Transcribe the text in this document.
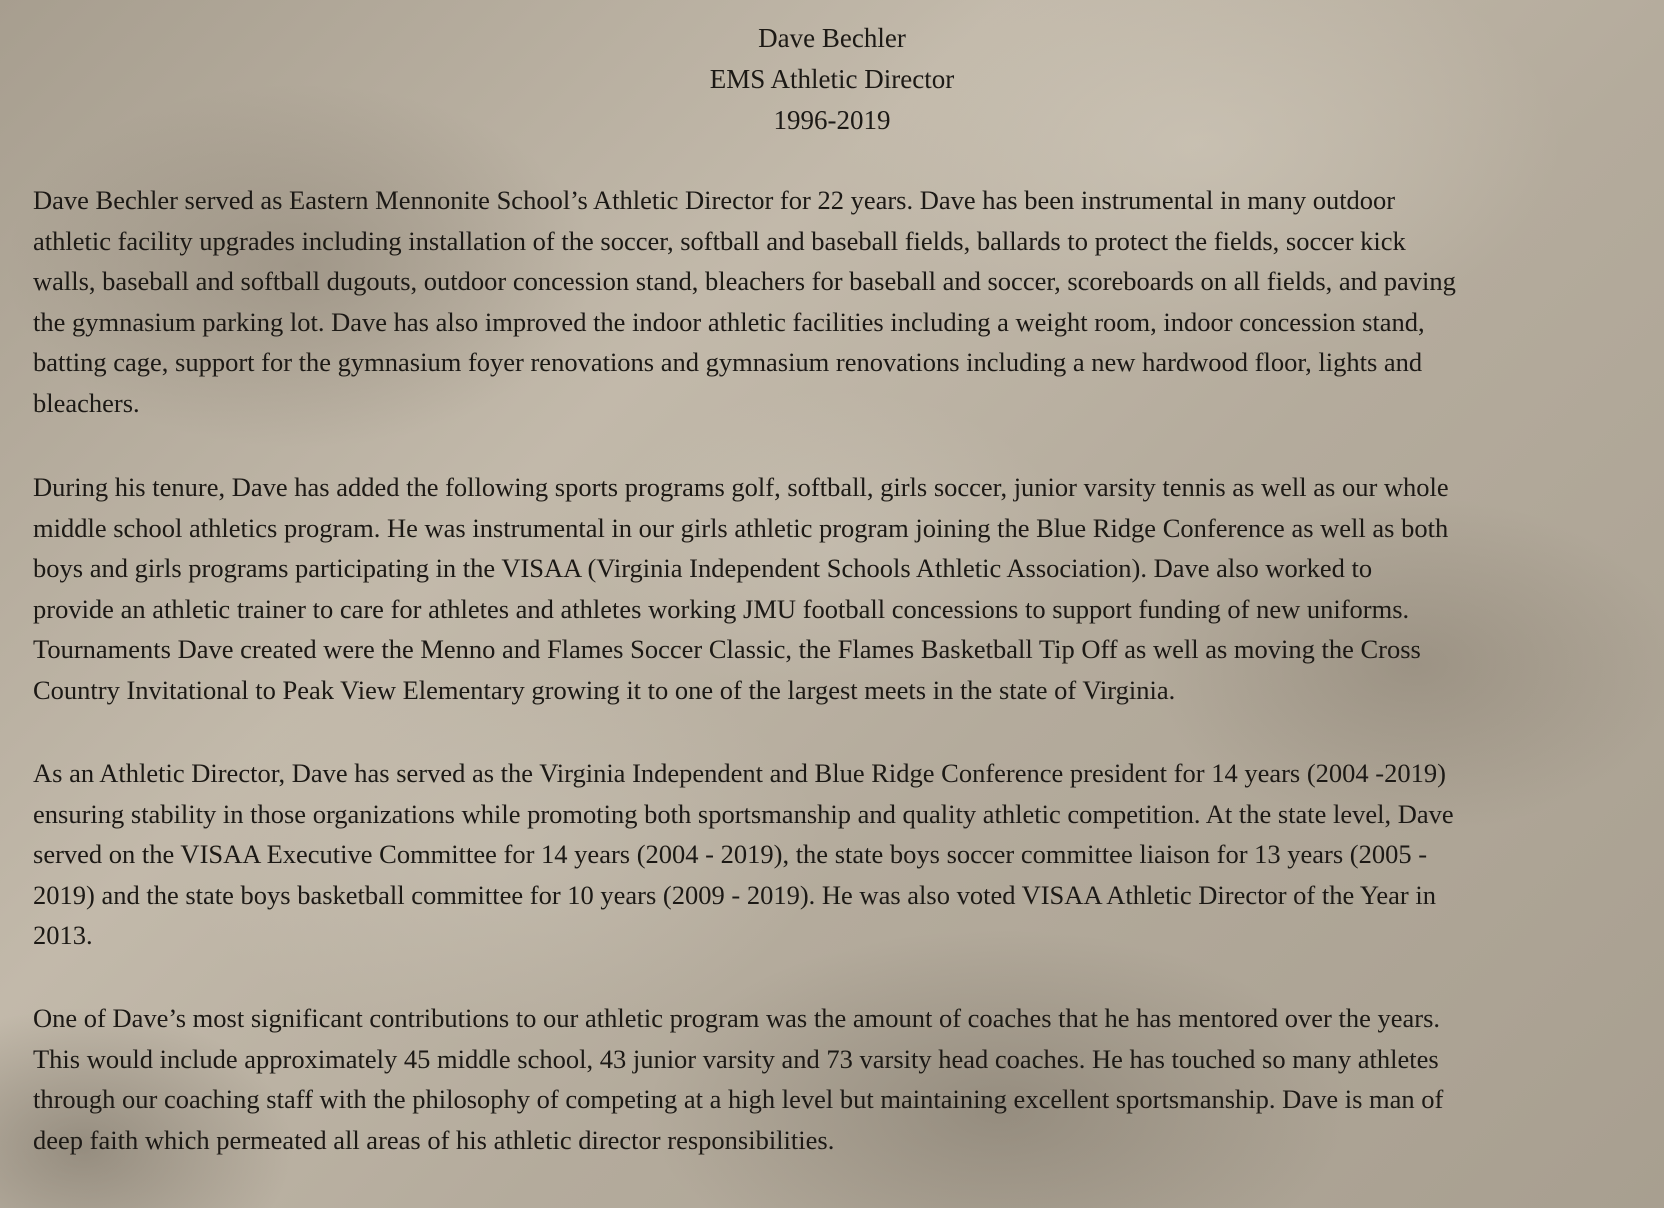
Dave Bechler
EMS Athletic Director
1996-2019
Dave Bechler served as Eastern Mennonite School’s Athletic Director for 22 years. Dave has been instrumental in many outdoor
athletic facility upgrades including installation of the soccer, softball and baseball fields, ballards to protect the fields, soccer kick
walls, baseball and softball dugouts, outdoor concession stand, bleachers for baseball and soccer, scoreboards on all fields, and paving
the gymnasium parking lot. Dave has also improved the indoor athletic facilities including a weight room, indoor concession stand,
batting cage, support for the gymnasium foyer renovations and gymnasium renovations including a new hardwood floor, lights and
bleachers.
During his tenure, Dave has added the following sports programs golf, softball, girls soccer, junior varsity tennis as well as our whole
middle school athletics program. He was instrumental in our girls athletic program joining the Blue Ridge Conference as well as both
boys and girls programs participating in the VISAA (Virginia Independent Schools Athletic Association). Dave also worked to
provide an athletic trainer to care for athletes and athletes working JMU football concessions to support funding of new uniforms.
Tournaments Dave created were the Menno and Flames Soccer Classic, the Flames Basketball Tip Off as well as moving the Cross
Country Invitational to Peak View Elementary growing it to one of the largest meets in the state of Virginia.
As an Athletic Director, Dave has served as the Virginia Independent and Blue Ridge Conference president for 14 years (2004 -2019)
ensuring stability in those organizations while promoting both sportsmanship and quality athletic competition. At the state level, Dave
served on the VISAA Executive Committee for 14 years (2004 - 2019), the state boys soccer committee liaison for 13 years (2005 -
2019) and the state boys basketball committee for 10 years (2009 - 2019). He was also voted VISAA Athletic Director of the Year in
2013.
One of Dave’s most significant contributions to our athletic program was the amount of coaches that he has mentored over the years.
This would include approximately 45 middle school, 43 junior varsity and 73 varsity head coaches. He has touched so many athletes
through our coaching staff with the philosophy of competing at a high level but maintaining excellent sportsmanship. Dave is man of
deep faith which permeated all areas of his athletic director responsibilities.
